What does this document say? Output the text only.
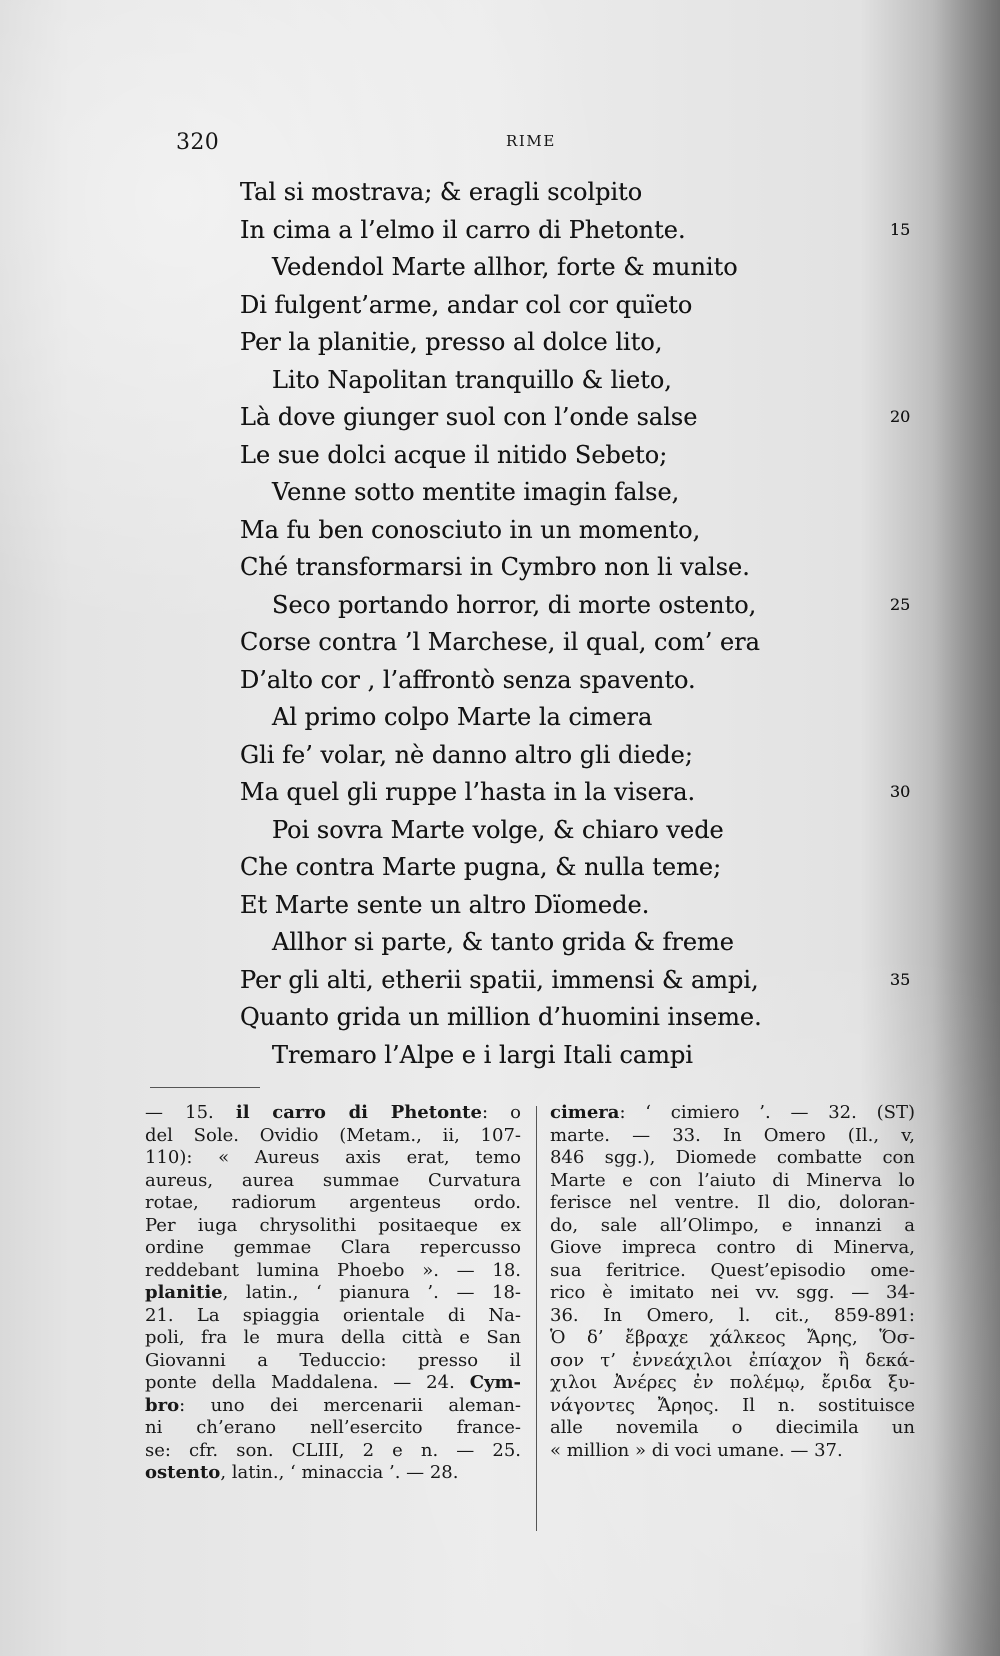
320	RIME
Tal si mostrava; & eragli scolpito
In cima a l’elmo il carro di Phetonte.	15
Vedendol Marte allhor, forte & munito
Di fulgent’arme, andar col cor quïeto
Per la planitie, presso al dolce lito,
Lito Napolitan tranquillo & lieto,
Là dove giunger suol con l’onde salse	20
Le sue dolci acque il nitido Sebeto;
Venne sotto mentite imagin false,
Ma fu ben conosciuto in un momento,
Ché transformarsi in Cymbro non li valse.
Seco portando horror, di morte ostento,	25
Corse contra ’l Marchese, il qual, com’ era
D’alto cor , l’affrontò senza spavento.
Al primo colpo Marte la cimera
Gli fe’ volar, nè danno altro gli diede;
Ma quel gli ruppe l’hasta in la visera.	30
Poi sovra Marte volge, & chiaro vede
Che contra Marte pugna, & nulla teme;
Et Marte sente un altro Dïomede.
Allhor si parte, & tanto grida & freme
Per gli alti, etherii spatii, immensi & ampi,	35
Quanto grida un million d’huomini inseme.
Tremaro l’Alpe e i largi Itali campi
— 15. il carro di Phetonte: o
del Sole. Ovidio (Metam., ii, 107-
110): « Aureus axis erat, temo
aureus, aurea summae Curvatura
rotae, radiorum argenteus ordo.
Per iuga chrysolithi positaeque ex
ordine gemmae Clara repercusso
reddebant lumina Phoebo ». — 18.
planitie, latin., ‘ pianura ’. — 18-
21. La spiaggia orientale di Na-
poli, fra le mura della città e San
Giovanni a Teduccio: presso il
ponte della Maddalena. — 24. Cym-
bro: uno dei mercenarii aleman-
ni ch’erano nell’esercito france-
se: cfr. son. CLIII, 2 e n. — 25.
ostento, latin., ‘ minaccia ’. — 28.
cimera: ‘ cimiero ’. — 32. (ST)
marte. — 33. In Omero (Il., v,
846 sgg.), Diomede combatte con
Marte e con l’aiuto di Minerva lo
ferisce nel ventre. Il dio, doloran-
do, sale all’Olimpo, e innanzi a
Giove impreca contro di Minerva,
sua feritrice. Quest’episodio ome-
rico è imitato nei vv. sgg. — 34-
36. In Omero, l. cit., 859-891:
Ὁ δ’ ἔβραχε χάλκεος Ἄρης, Ὅσ-
σον τ’ ἐννεάχιλοι ἐπίαχον ἢ δεκά-
χιλοι Ἀνέρες ἐν πολέμῳ, ἔριδα ξυ-
νάγοντες Ἄρηος. Il n. sostituisce
alle novemila o diecimila un
« million » di voci umane. — 37.
